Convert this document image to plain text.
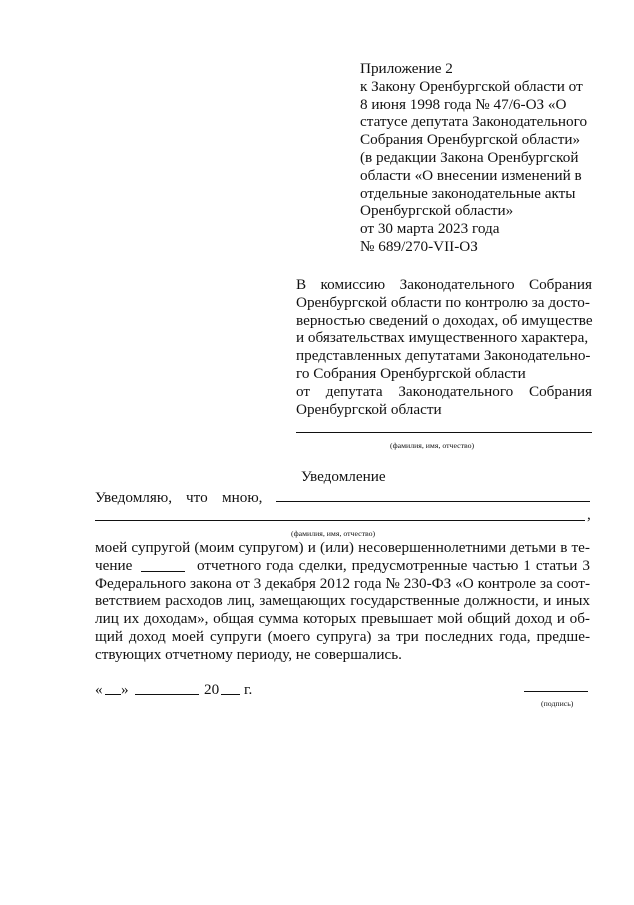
Приложение 2
к Закону Оренбургской области от
8 июня 1998 года № 47/6-ОЗ «О
статусе депутата Законодательного
Собрания Оренбургской области»
(в редакции Закона Оренбургской
области «О внесении изменений в
отдельные законодательные акты
Оренбургской области»
от 30 марта 2023 года
№ 689/270-VII-ОЗ
В комиссию Законодательного Собрания
Оренбургской области по контролю за досто-
верностью сведений о доходах, об имуществе
и обязательствах имущественного характера,
представленных депутатами Законодательно-
го Собрания Оренбургской области
от депутата Законодательного Собрания
Оренбургской области
(фамилия, имя, отчество)
Уведомление
Уведомляю, что мною,
,
(фамилия, имя, отчество)
моей супругой (моим супругом) и (или) несовершеннолетними детьми в те-
чение	отчетного года сделки, предусмотренные частью 1 статьи 3
Федерального закона от 3 декабря 2012 года № 230-ФЗ «О контроле за соот-
ветствием расходов лиц, замещающих государственные должности, и иных
лиц их доходам», общая сумма которых превышает мой общий доход и об-
щий доход моей супруги (моего супруга) за три последних года, предше-
ствующих отчетному периоду, не совершались.
« »	20 г.
(подпись)
